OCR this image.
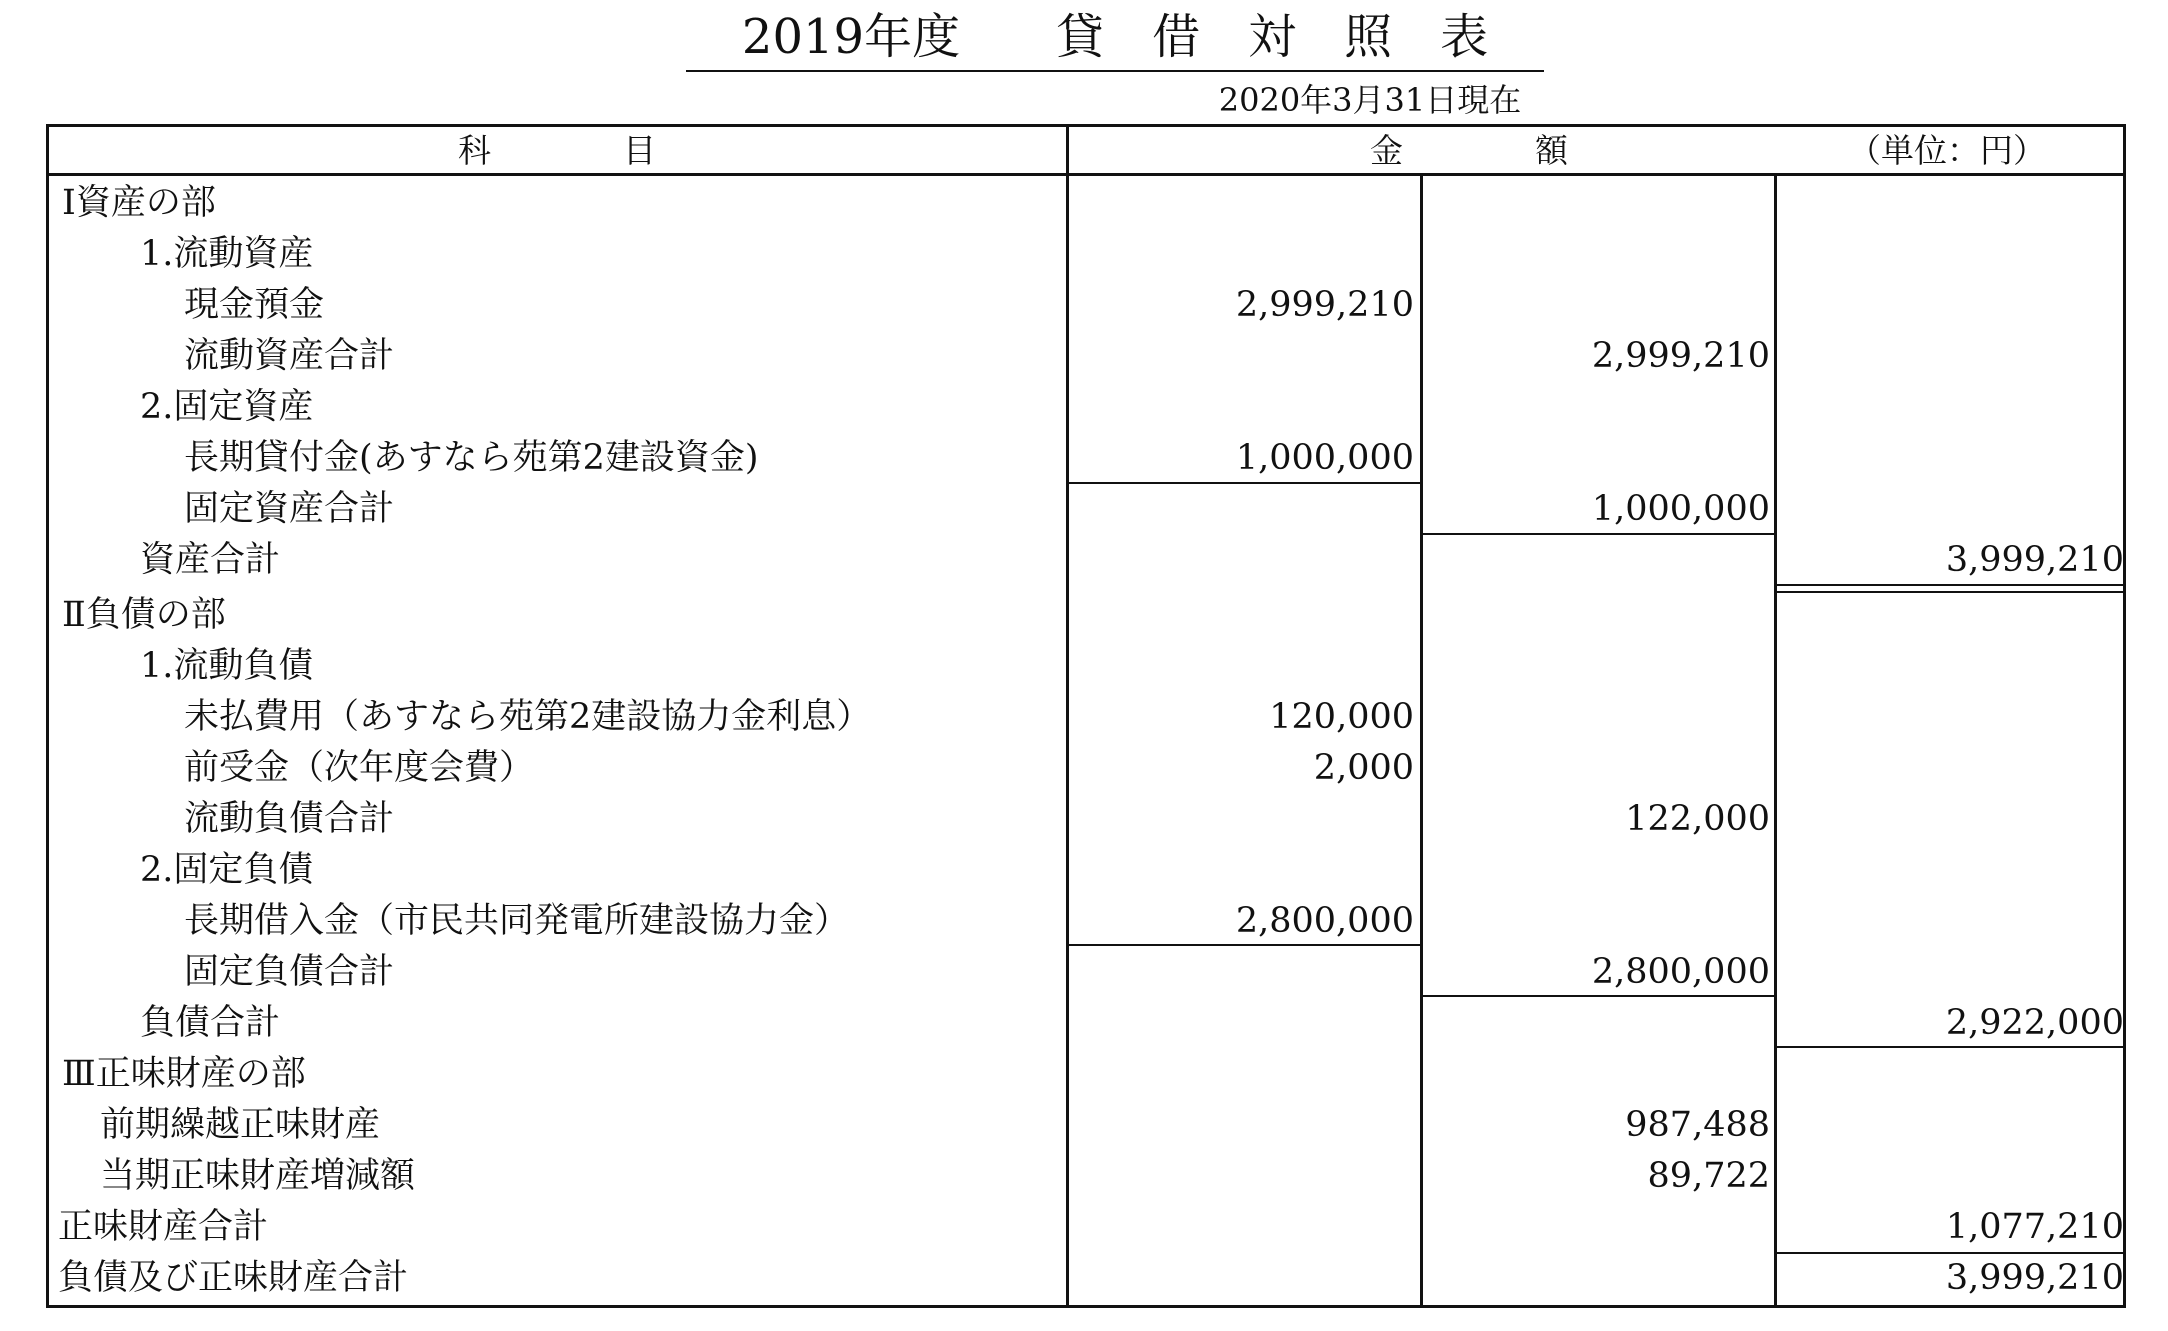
2019年度　　貸　借　対　照　表
2020年3月31日現在
科　　　　目	金　　　　額	（単位：円）
Ⅰ資産の部
1.流動資産
現金預金	2,999,210
流動資産合計	2,999,210
2.固定資産
長期貸付金(あすなら苑第2建設資金)	1,000,000
固定資産合計	1,000,000
資産合計	3,999,210
Ⅱ負債の部
1.流動負債
未払費用（あすなら苑第2建設協力金利息）	120,000
前受金（次年度会費）	2,000
流動負債合計	122,000
2.固定負債
長期借入金（市民共同発電所建設協力金）	2,800,000
固定負債合計	2,800,000
負債合計	2,922,000
Ⅲ正味財産の部
前期繰越正味財産	987,488
当期正味財産増減額	89,722
正味財産合計	1,077,210
負債及び正味財産合計	3,999,210
